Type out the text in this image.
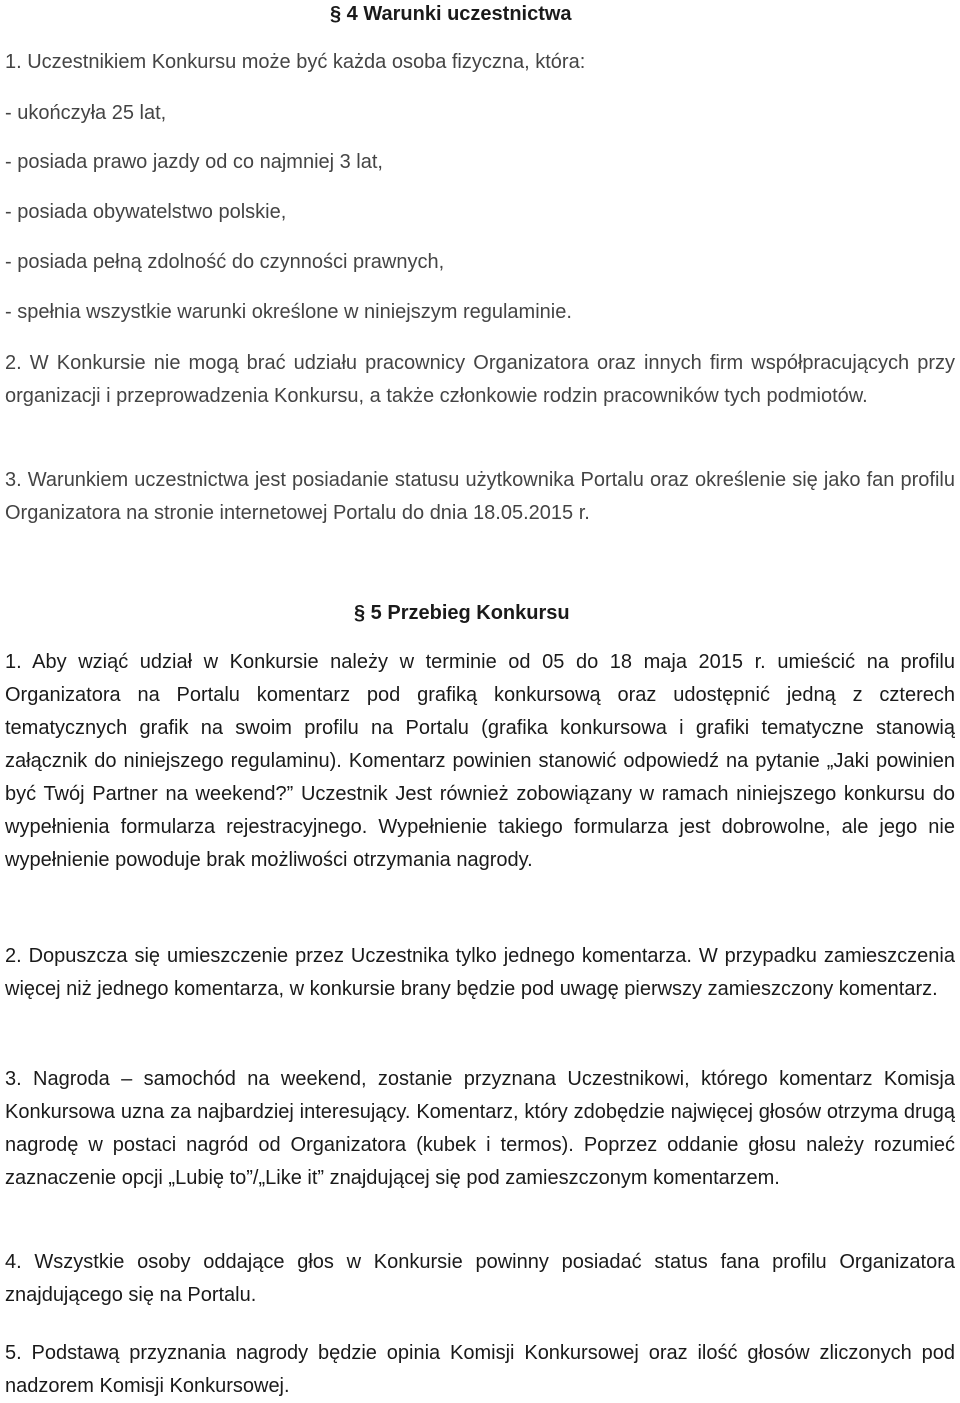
§ 4 Warunki uczestnictwa
1. Uczestnikiem Konkursu może być każda osoba fizyczna, która:
- ukończyła 25 lat,
- posiada prawo jazdy od co najmniej 3 lat,
- posiada obywatelstwo polskie,
- posiada pełną zdolność do czynności prawnych,
- spełnia wszystkie warunki określone w niniejszym regulaminie.
2. W Konkursie nie mogą brać udziału pracownicy Organizatora oraz innych firm współpracujących przy organizacji i przeprowadzenia Konkursu, a także członkowie rodzin pracowników tych podmiotów.
3. Warunkiem uczestnictwa jest posiadanie statusu użytkownika Portalu oraz określenie się jako fan profilu Organizatora na stronie internetowej Portalu do dnia 18.05.2015 r.
§ 5 Przebieg Konkursu
1. Aby wziąć udział w Konkursie należy w terminie od 05 do 18 maja 2015 r. umieścić na profilu Organizatora na Portalu komentarz pod grafiką konkursową oraz udostępnić jedną z czterech tematycznych grafik na swoim profilu na Portalu (grafika konkursowa i grafiki tematyczne stanowią załącznik do niniejszego regulaminu). Komentarz powinien stanowić odpowiedź na pytanie „Jaki powinien być Twój Partner na weekend?” Uczestnik Jest również zobowiązany w ramach niniejszego konkursu do wypełnienia formularza rejestracyjnego. Wypełnienie takiego formularza jest dobrowolne, ale jego nie wypełnienie powoduje brak możliwości otrzymania nagrody.
2. Dopuszcza się umieszczenie przez Uczestnika tylko jednego komentarza. W przypadku zamieszczenia więcej niż jednego komentarza, w konkursie brany będzie pod uwagę pierwszy zamieszczony komentarz.
3. Nagroda – samochód na weekend, zostanie przyznana Uczestnikowi, którego komentarz Komisja Konkursowa uzna za najbardziej interesujący. Komentarz, który zdobędzie najwięcej głosów otrzyma drugą nagrodę w postaci nagród od Organizatora (kubek i termos). Poprzez oddanie głosu należy rozumieć zaznaczenie opcji „Lubię to”/„Like it” znajdującej się pod zamieszczonym komentarzem.
4. Wszystkie osoby oddające głos w Konkursie powinny posiadać status fana profilu Organizatora znajdującego się na Portalu.
5. Podstawą przyznania nagrody będzie opinia Komisji Konkursowej oraz ilość głosów zliczonych pod nadzorem Komisji Konkursowej.
